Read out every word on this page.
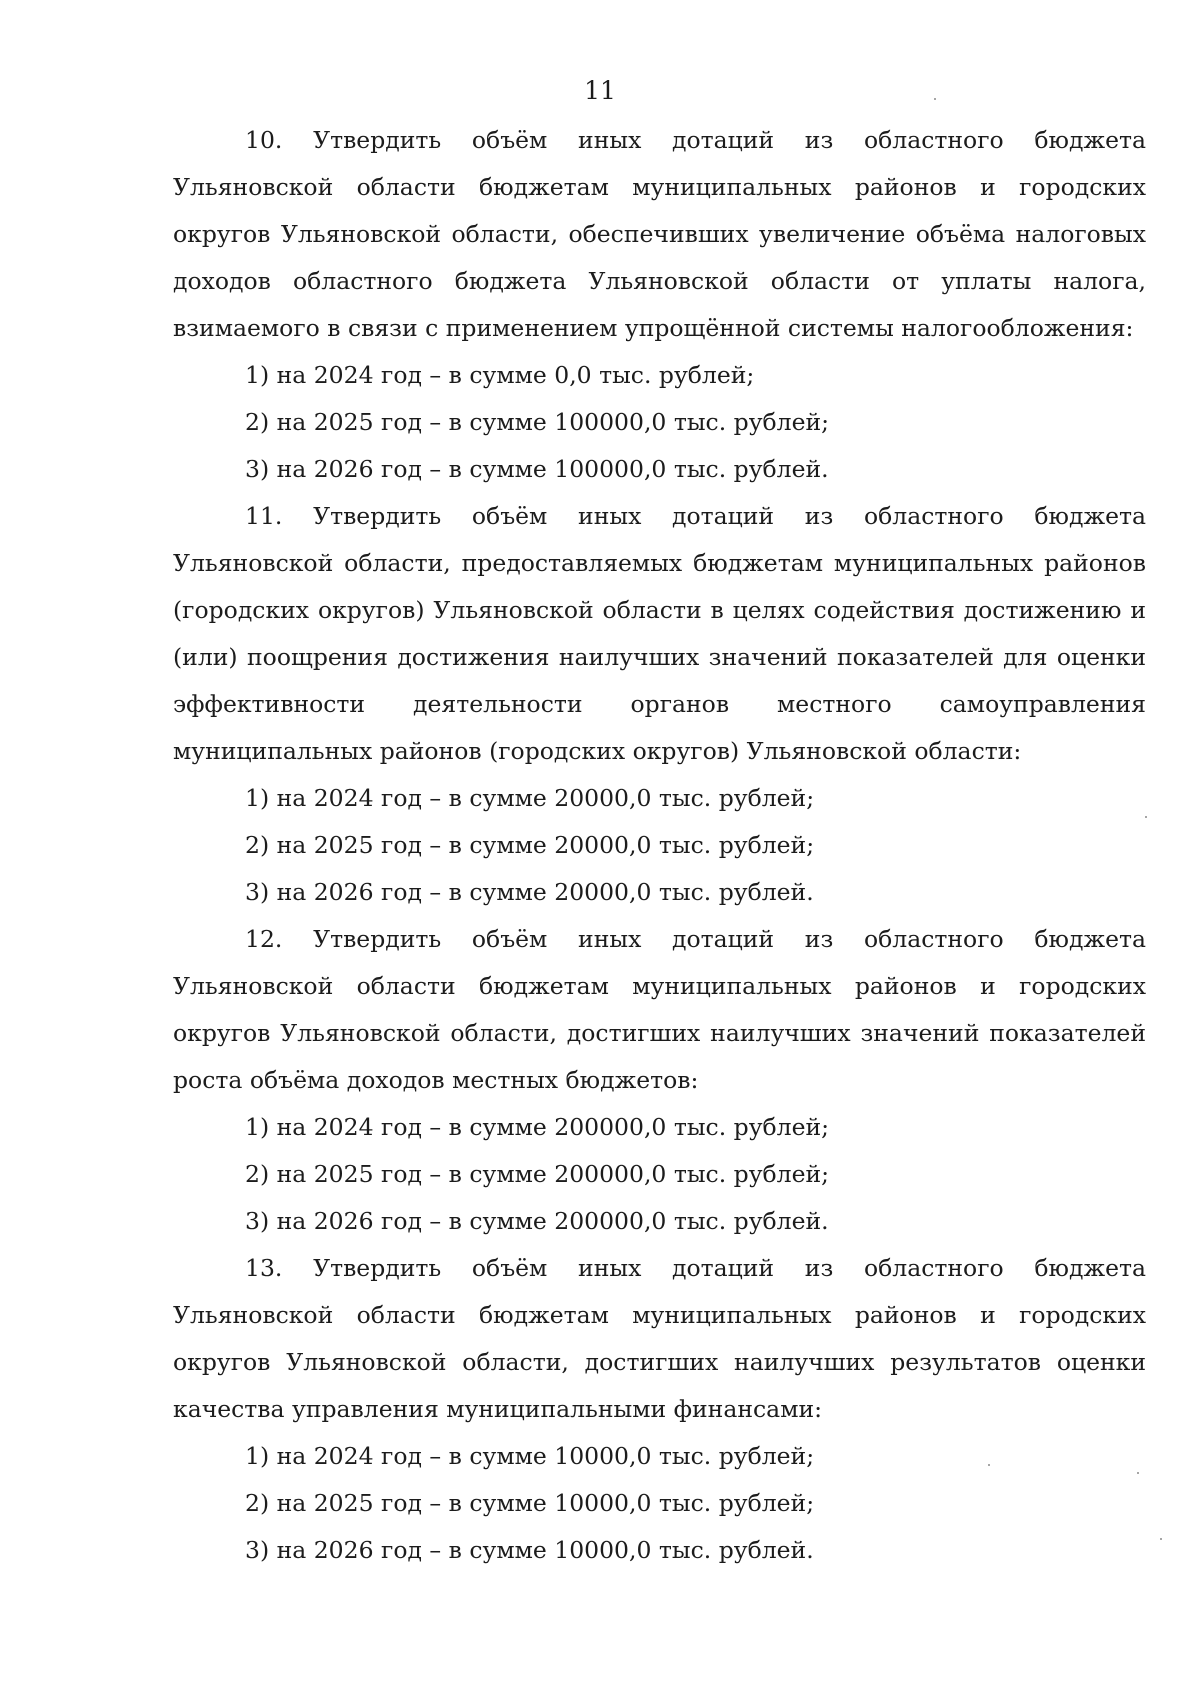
11

10. Утвердить объём иных дотаций из областного бюджета Ульяновской области бюджетам муниципальных районов и городских округов Ульяновской области, обеспечивших увеличение объёма налоговых доходов областного бюджета Ульяновской области от уплаты налога, взимаемого в связи с применением упрощённой системы налогообложения:

1) на 2024 год – в сумме 0,0 тыс. рублей;

2) на 2025 год – в сумме 100000,0 тыс. рублей;

3) на 2026 год – в сумме 100000,0 тыс. рублей.

11. Утвердить объём иных дотаций из областного бюджета Ульяновской области, предоставляемых бюджетам муниципальных районов (городских округов) Ульяновской области в целях содействия достижению и (или) поощрения достижения наилучших значений показателей для оценки эффективности деятельности органов местного самоуправления муниципальных районов (городских округов) Ульяновской области:

1) на 2024 год – в сумме 20000,0 тыс. рублей;

2) на 2025 год – в сумме 20000,0 тыс. рублей;

3) на 2026 год – в сумме 20000,0 тыс. рублей.

12. Утвердить объём иных дотаций из областного бюджета Ульяновской области бюджетам муниципальных районов и городских округов Ульяновской области, достигших наилучших значений показателей роста объёма доходов местных бюджетов:

1) на 2024 год – в сумме 200000,0 тыс. рублей;

2) на 2025 год – в сумме 200000,0 тыс. рублей;

3) на 2026 год – в сумме 200000,0 тыс. рублей.

13. Утвердить объём иных дотаций из областного бюджета Ульяновской области бюджетам муниципальных районов и городских округов Ульяновской области, достигших наилучших результатов оценки качества управления муниципальными финансами:

1) на 2024 год – в сумме 10000,0 тыс. рублей;

2) на 2025 год – в сумме 10000,0 тыс. рублей;

3) на 2026 год – в сумме 10000,0 тыс. рублей.
